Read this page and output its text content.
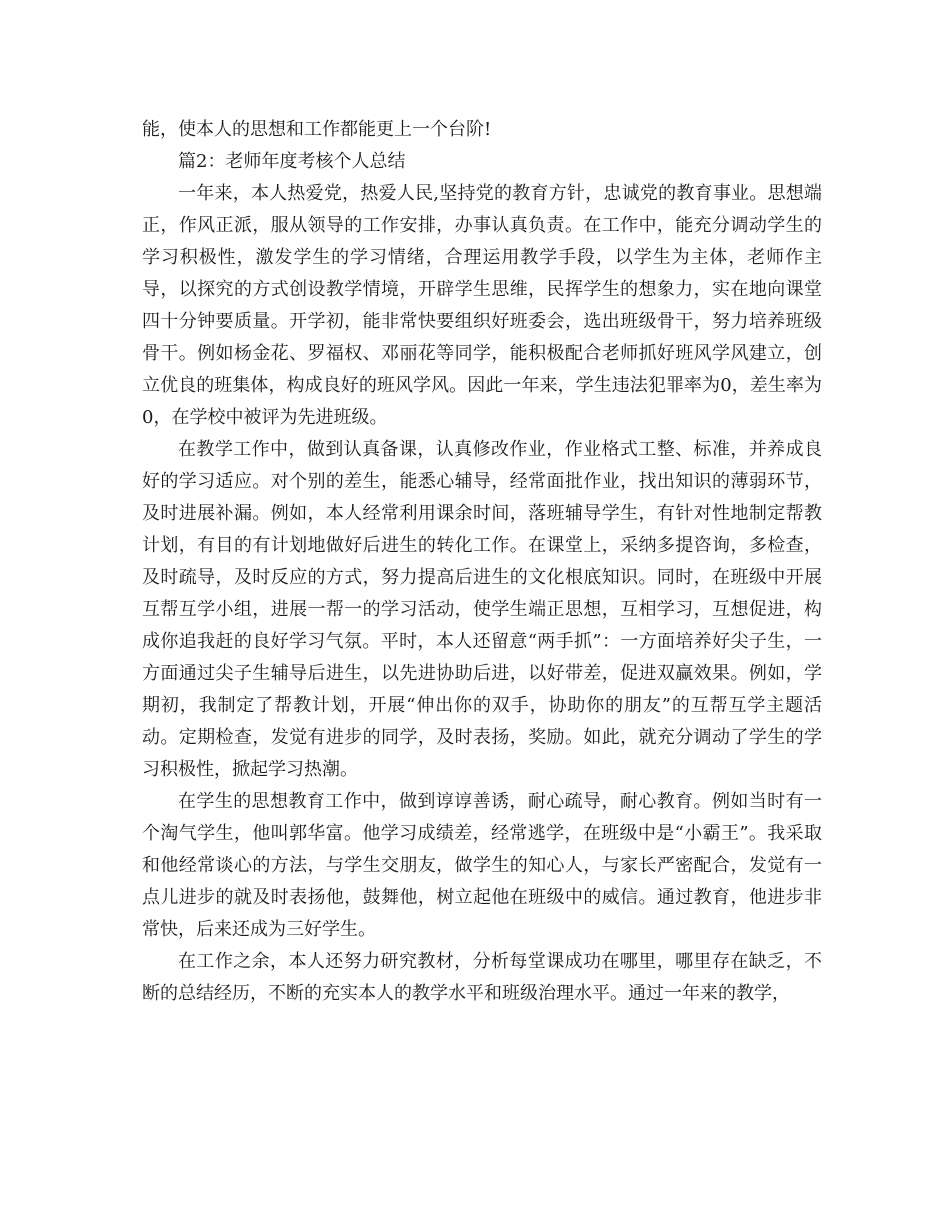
能，使本人的思想和工作都能更上一个台阶!

篇2：老师年度考核个人总结

一年来，本人热爱党，热爱人民,坚持党的教育方针，忠诚党的教育事业。思想端正，作风正派，服从领导的工作安排，办事认真负责。在工作中，能充分调动学生的学习积极性，激发学生的学习情绪，合理运用教学手段，以学生为主体，老师作主导，以探究的方式创设教学情境，开辟学生思维，民挥学生的想象力，实在地向课堂四十分钟要质量。开学初，能非常快要组织好班委会，选出班级骨干，努力培养班级骨干。例如杨金花、罗福权、邓丽花等同学，能积极配合老师抓好班风学风建立，创立优良的班集体，构成良好的班风学风。因此一年来，学生违法犯罪率为0，差生率为0，在学校中被评为先进班级。

在教学工作中，做到认真备课，认真修改作业，作业格式工整、标准，并养成良好的学习适应。对个别的差生，能悉心辅导，经常面批作业，找出知识的薄弱环节，及时进展补漏。例如，本人经常利用课余时间，落班辅导学生，有针对性地制定帮教计划，有目的有计划地做好后进生的转化工作。在课堂上，采纳多提咨询，多检查，及时疏导，及时反应的方式，努力提高后进生的文化根底知识。同时，在班级中开展互帮互学小组，进展一帮一的学习活动，使学生端正思想，互相学习，互想促进，构成你追我赶的良好学习气氛。平时，本人还留意“两手抓”：一方面培养好尖子生，一方面通过尖子生辅导后进生，以先进协助后进，以好带差，促进双赢效果。例如，学期初，我制定了帮教计划，开展“伸出你的双手，协助你的朋友”的互帮互学主题活动。定期检查，发觉有进步的同学，及时表扬，奖励。如此，就充分调动了学生的学习积极性，掀起学习热潮。

在学生的思想教育工作中，做到谆谆善诱，耐心疏导，耐心教育。例如当时有一个淘气学生，他叫郭华富。他学习成绩差，经常逃学，在班级中是“小霸王”。我采取和他经常谈心的方法，与学生交朋友，做学生的知心人，与家长严密配合，发觉有一点儿进步的就及时表扬他，鼓舞他，树立起他在班级中的威信。通过教育，他进步非常快，后来还成为三好学生。

在工作之余，本人还努力研究教材，分析每堂课成功在哪里，哪里存在缺乏，不断的总结经历，不断的充实本人的教学水平和班级治理水平。通过一年来的教学，
